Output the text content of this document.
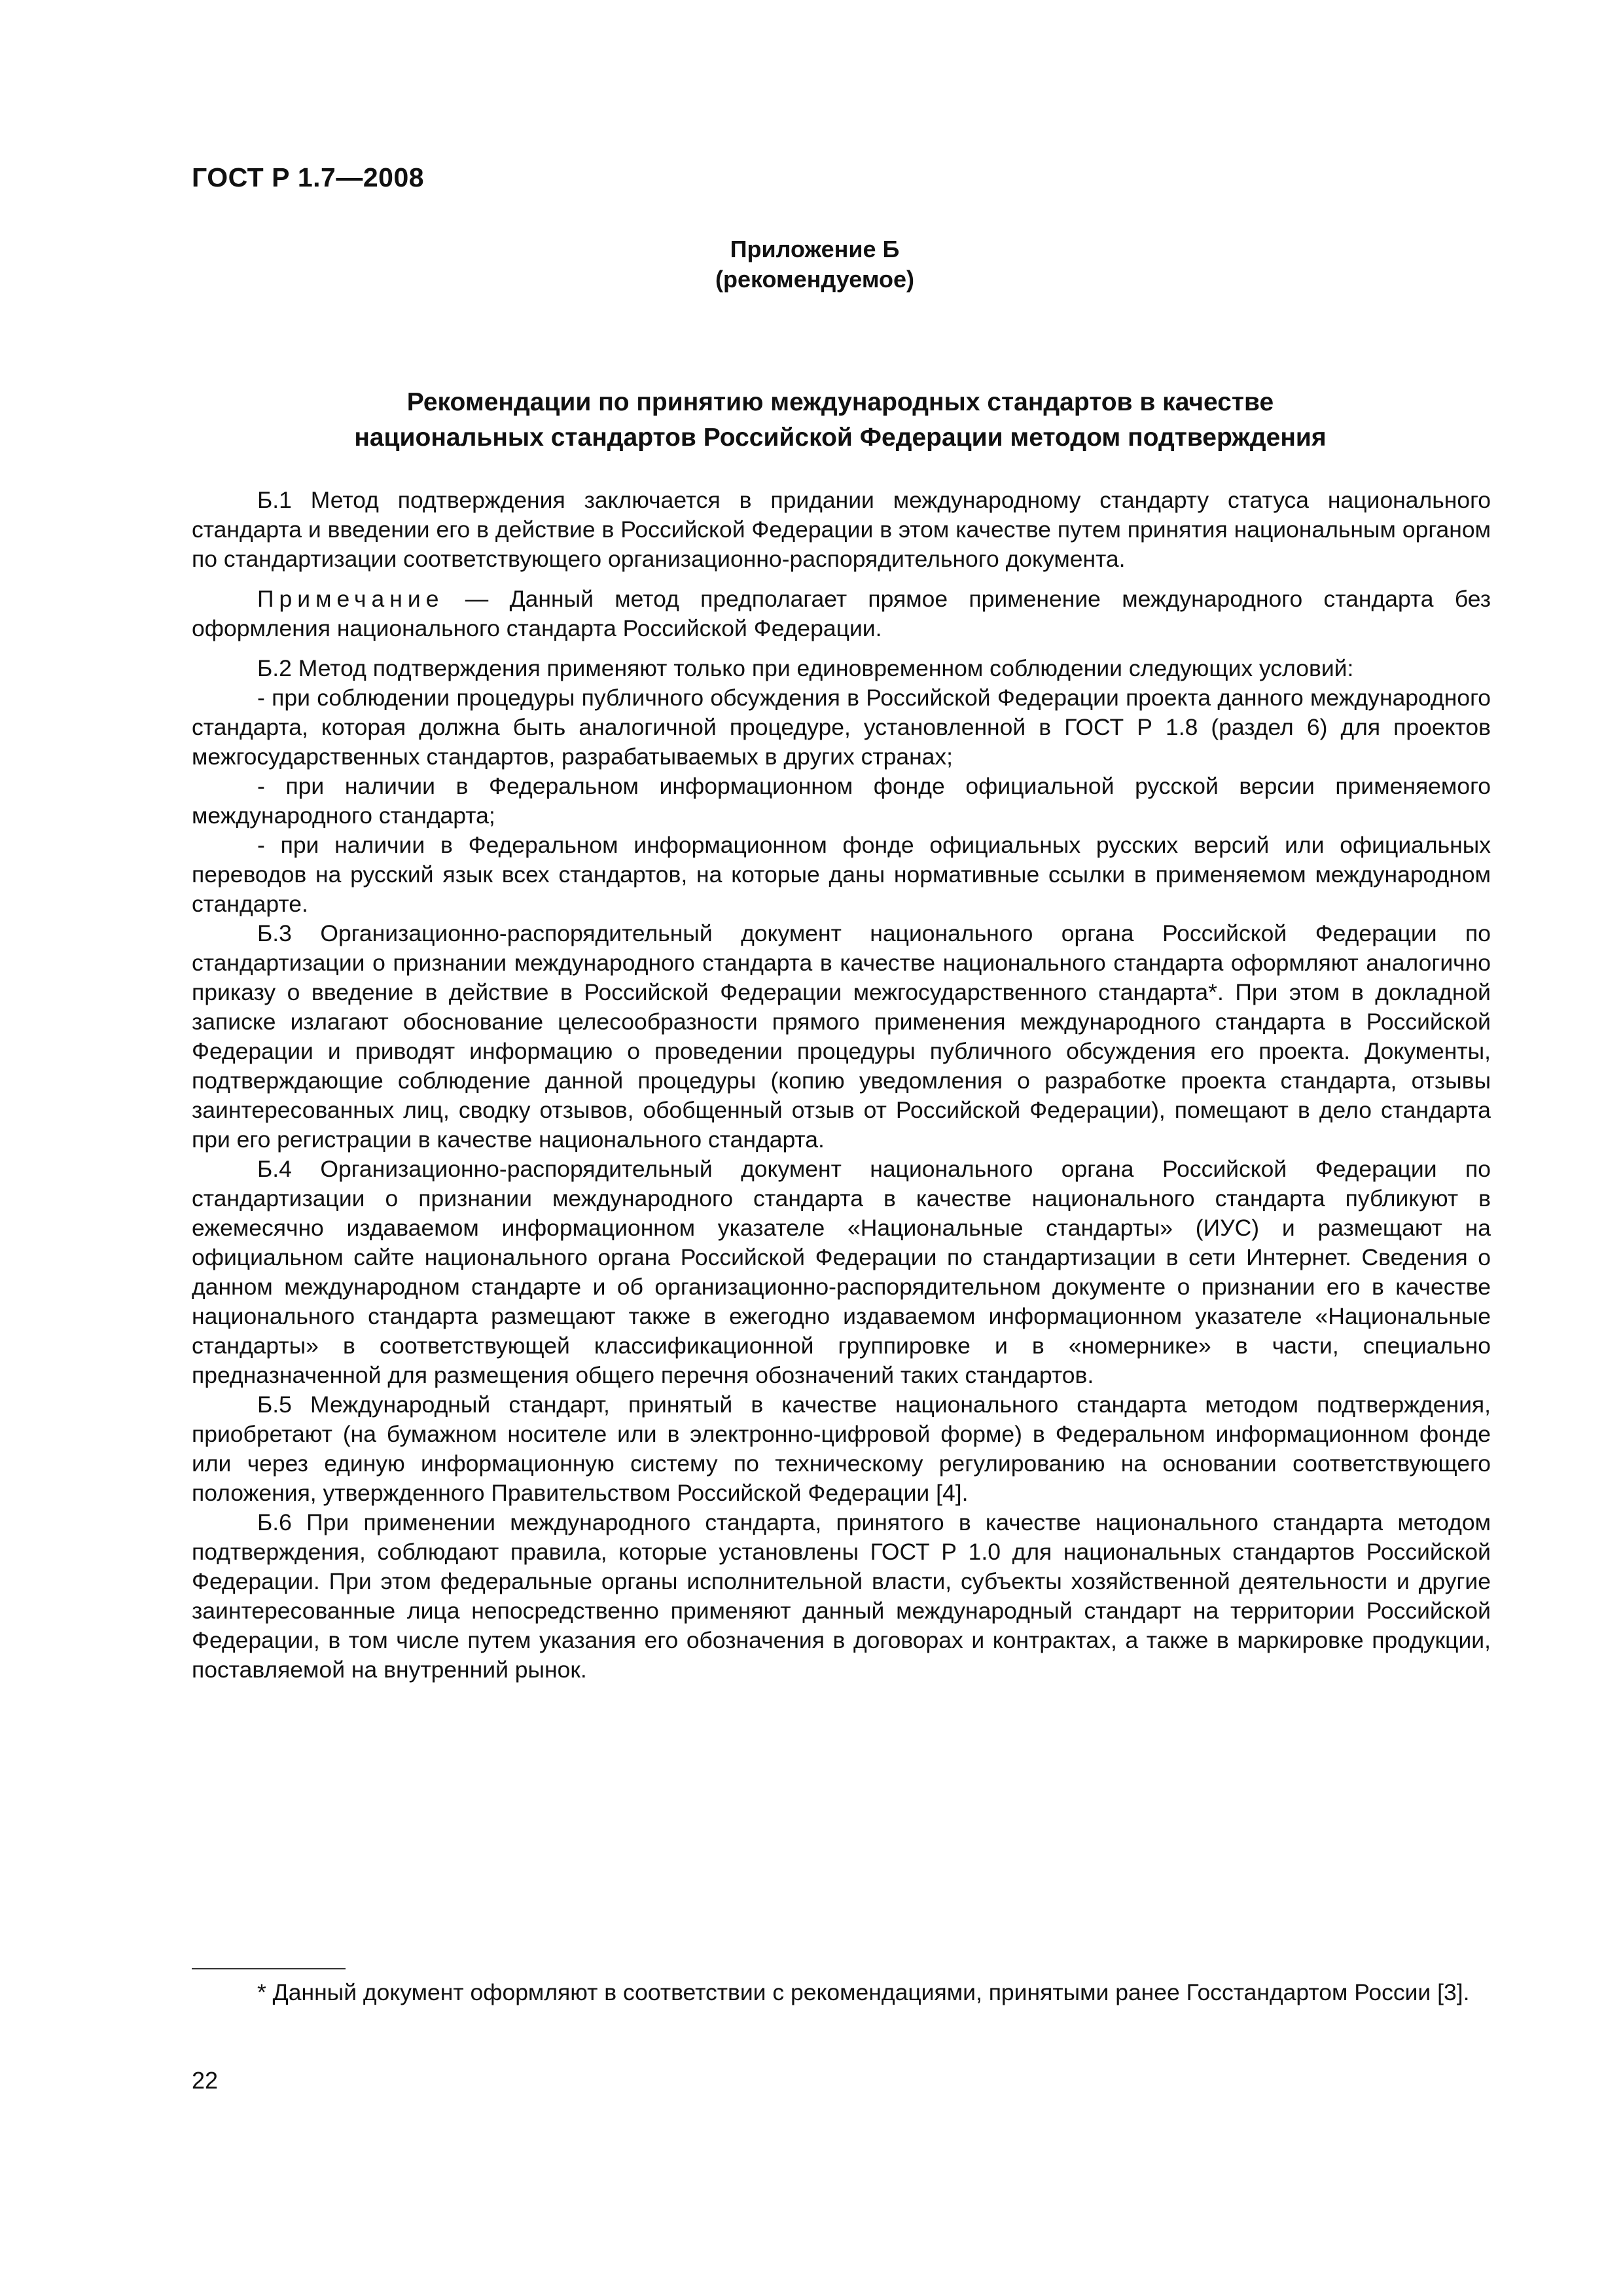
ГОСТ Р 1.7—2008
Приложение Б
(рекомендуемое)
Рекомендации по принятию международных стандартов в качестве
национальных стандартов Российской Федерации методом подтверждения

Б.1 Метод подтверждения заключается в придании международному стандарту статуса национального стандарта и введении его в действие в Российской Федерации в этом качестве путем принятия национальным органом по стандартизации соответствующего организационно-распорядительного документа.

Примечание — Данный метод предполагает прямое применение международного стандарта без оформления национального стандарта Российской Федерации.

Б.2 Метод подтверждения применяют только при единовременном соблюдении следующих условий:

- при соблюдении процедуры публичного обсуждения в Российской Федерации проекта данного международного стандарта, которая должна быть аналогичной процедуре, установленной в ГОСТ Р 1.8 (раздел 6) для проектов межгосударственных стандартов, разрабатываемых в других странах;

- при наличии в Федеральном информационном фонде официальной русской версии применяемого международного стандарта;

- при наличии в Федеральном информационном фонде официальных русских версий или официальных переводов на русский язык всех стандартов, на которые даны нормативные ссылки в применяемом международном стандарте.

Б.3 Организационно-распорядительный документ национального органа Российской Федерации по стандартизации о признании международного стандарта в качестве национального стандарта оформляют аналогично приказу о введение в действие в Российской Федерации межгосударственного стандарта*. При этом в докладной записке излагают обоснование целесообразности прямого применения международного стандарта в Российской Федерации и приводят информацию о проведении процедуры публичного обсуждения его проекта. Документы, подтверждающие соблюдение данной процедуры (копию уведомления о разработке проекта стандарта, отзывы заинтересованных лиц, сводку отзывов, обобщенный отзыв от Российской Федерации), помещают в дело стандарта при его регистрации в качестве национального стандарта.

Б.4 Организационно-распорядительный документ национального органа Российской Федерации по стандартизации о признании международного стандарта в качестве национального стандарта публикуют в ежемесячно издаваемом информационном указателе «Национальные стандарты» (ИУС) и размещают на официальном сайте национального органа Российской Федерации по стандартизации в сети Интернет. Сведения о данном международном стандарте и об организационно-распорядительном документе о признании его в качестве национального стандарта размещают также в ежегодно издаваемом информационном указателе «Национальные стандарты» в соответствующей классификационной группировке и в «номернике» в части, специально предназначенной для размещения общего перечня обозначений таких стандартов.

Б.5 Международный стандарт, принятый в качестве национального стандарта методом подтверждения, приобретают (на бумажном носителе или в электронно-цифровой форме) в Федеральном информационном фонде или через единую информационную систему по техническому регулированию на основании соответствующего положения, утвержденного Правительством Российской Федерации [4].

Б.6 При применении международного стандарта, принятого в качестве национального стандарта методом подтверждения, соблюдают правила, которые установлены ГОСТ Р 1.0 для национальных стандартов Российской Федерации. При этом федеральные органы исполнительной власти, субъекты хозяйственной деятельности и другие заинтересованные лица непосредственно применяют данный международный стандарт на территории Российской Федерации, в том числе путем указания его обозначения в договорах и контрактах, а также в маркировке продукции, поставляемой на внутренний рынок.

* Данный документ оформляют в соответствии с рекомендациями, принятыми ранее Госстандартом России [3].

22
